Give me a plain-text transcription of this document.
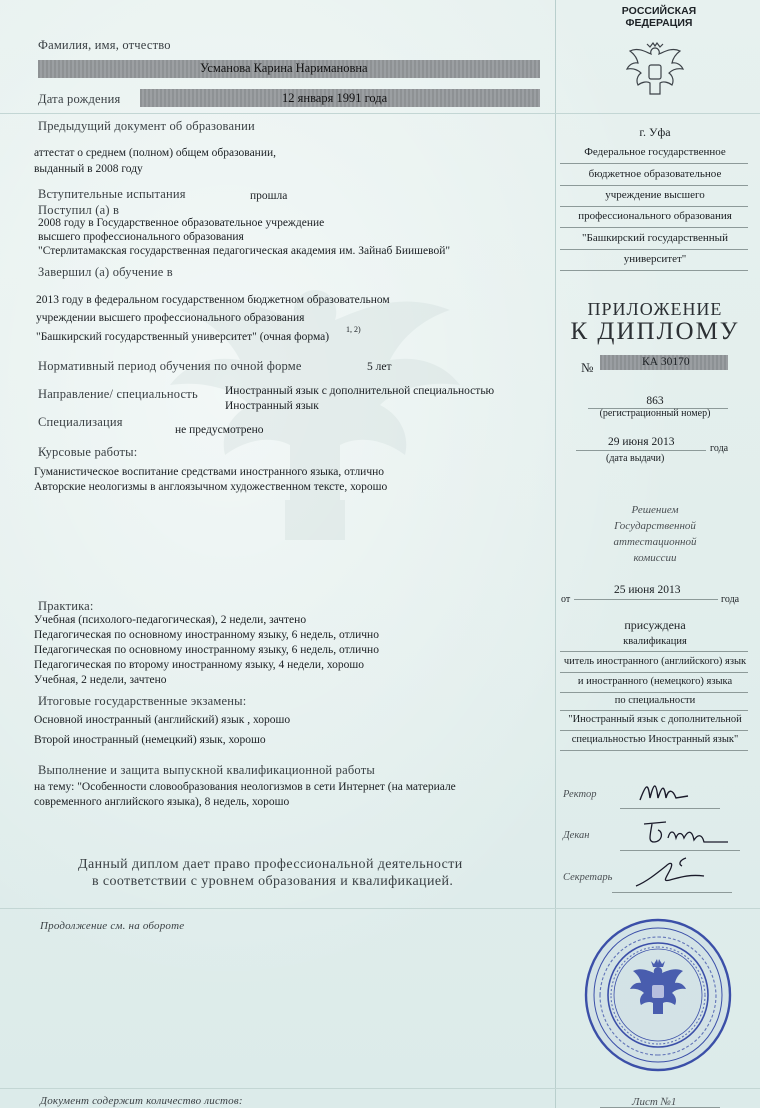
Фамилия, имя, отчество
Усманова Карина Наримановна
Дата рождения	12 января 1991 года
Предыдущий документ об образовании
аттестат о среднем (полном) общем образовании,
выданный в 2008 году
Вступительные испытания	прошла
Поступил (а) в
2008 году в Государственное образовательное учреждение
высшего профессионального образования
"Стерлитамакская государственная педагогическая академия им. Зайнаб Биишевой"
Завершил (а) обучение в
2013 году в федеральном государственном бюджетном образовательном
учреждении высшего профессионального образования
"Башкирский государственный университет" (очная форма)
1, 2)
Нормативный период обучения по очной форме	5 лет
Направление/ специальность Иностранный язык с дополнительной специальностью
Иностранный язык
Специализация
не предусмотрено
Курсовые работы:
Гуманистическое воспитание средствами иностранного языка, отлично
Авторские неологизмы в англоязычном художественном тексте, хорошо
Практика:
Учебная (психолого-педагогическая), 2 недели, зачтено
Педагогическая по основному иностранному языку, 6 недель, отлично
Педагогическая по основному иностранному языку, 6 недель, отлично
Педагогическая по второму иностранному языку, 4 недели, хорошо
Учебная, 2 недели, зачтено
Итоговые государственные экзамены:
Основной иностранный (английский) язык , хорошо
Второй иностранный (немецкий) язык, хорошо
Выполнение и защита выпускной квалификационной работы
на тему: "Особенности словообразования неологизмов в сети Интернет (на материале
современного английского языка), 8 недель, хорошо
Данный диплом дает право профессиональной деятельности
в соответствии с уровнем образования и квалификацией.
Продолжение см. на обороте
Документ содержит количество листов:
РОССИЙСКАЯ
ФЕДЕРАЦИЯ
г. Уфа
Федеральное государственное
бюджетное образовательное
учреждение высшего
профессионального образования
"Башкирский государственный
университет"
ПРИЛОЖЕНИЕ
К ДИПЛОМУ
№	КА 30170
863
(регистрационный номер)
29 июня 2013
года
(дата выдачи)
Решением
Государственной
аттестационной
комиссии
от
25 июня 2013
года
присуждена
квалификация
читель иностранного (английского) язык
и иностранного (немецкого) языка
по специальности
"Иностранный язык с дополнительной
специальностью Иностранный язык"
Ректор
Декан
Секретарь
Лист №1
